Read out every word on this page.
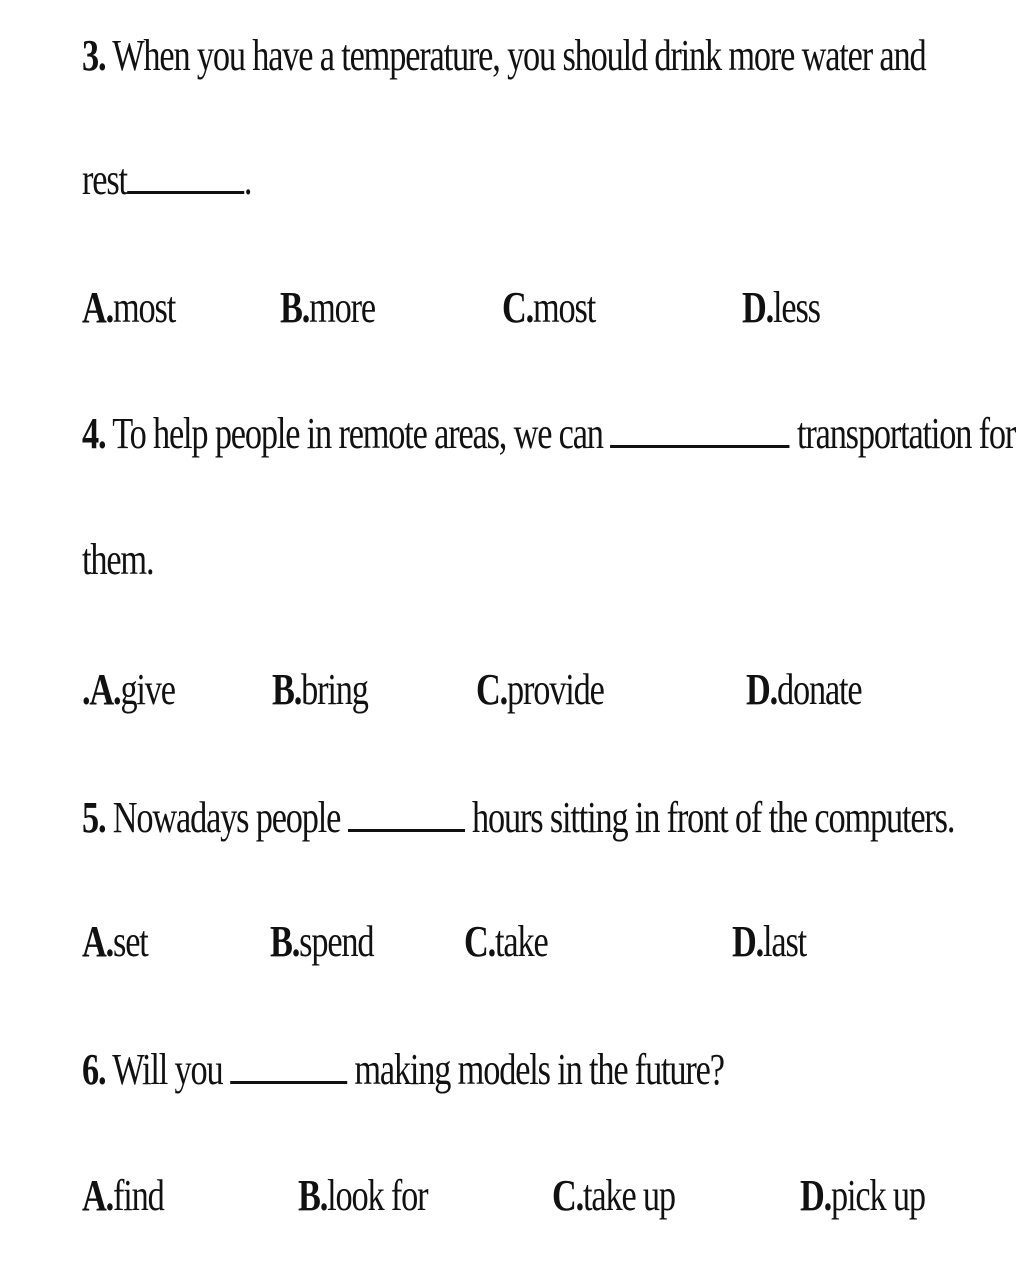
3. When you have a temperature, you should drink more water and
rest	.
A.most B.more	C.most	D.less
4. To help people in remote areas, we can	transportation for
them.
.A.give B.bring C.provide	D.donate
5. Nowadays people	hours sitting in front of the computers.
A.set	B.spend C.take	D.last
6. Will you	making models in the future?
A.find	B.look for	C.take up	D.pick up
